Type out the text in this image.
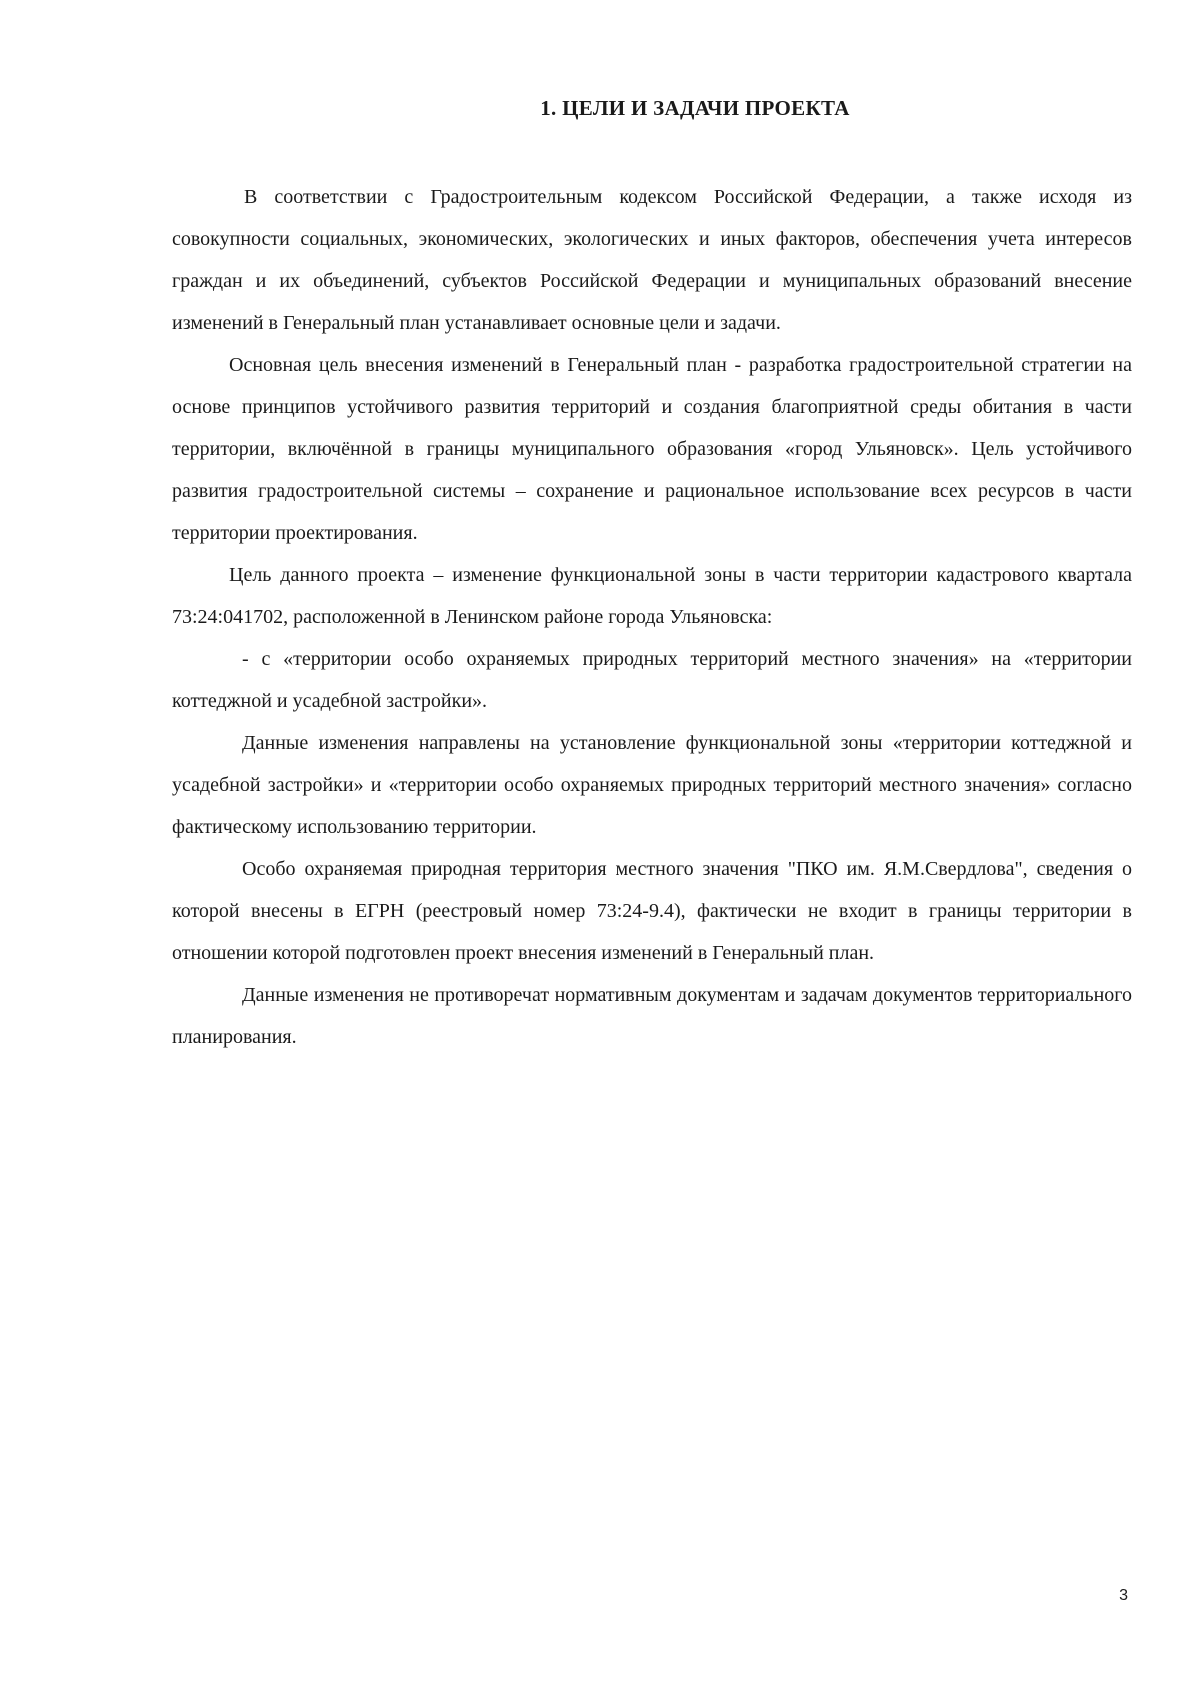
1. ЦЕЛИ И ЗАДАЧИ ПРОЕКТА

В соответствии с Градостроительным кодексом Российской Федерации, а также исходя из совокупности социальных, экономических, экологических и иных факторов, обеспечения учета интересов граждан и их объединений, субъектов Российской Федерации и муниципальных образований внесение изменений в Генеральный план устанавливает основные цели и задачи.

Основная цель внесения изменений в Генеральный план - разработка градостроительной стратегии на основе принципов устойчивого развития территорий и создания благоприятной среды обитания в части территории, включённой в границы муниципального образования «город Ульяновск». Цель устойчивого развития градостроительной системы – сохранение и рациональное использование всех ресурсов в части территории проектирования.

Цель данного проекта – изменение функциональной зоны в части территории кадастрового квартала 73:24:041702, расположенной в Ленинском районе города Ульяновска:

- с «территории особо охраняемых природных территорий местного значения» на «территории коттеджной и усадебной застройки».

Данные изменения направлены на установление функциональной зоны «территории коттеджной и усадебной застройки» и «территории особо охраняемых природных территорий местного значения» согласно фактическому использованию территории.

Особо охраняемая природная территория местного значения "ПКО им. Я.М.Свердлова", сведения о которой внесены в ЕГРН (реестровый номер 73:24-9.4), фактически не входит в границы территории в отношении которой подготовлен проект внесения изменений в Генеральный план.

Данные изменения не противоречат нормативным документам и задачам документов территориального планирования.

3
